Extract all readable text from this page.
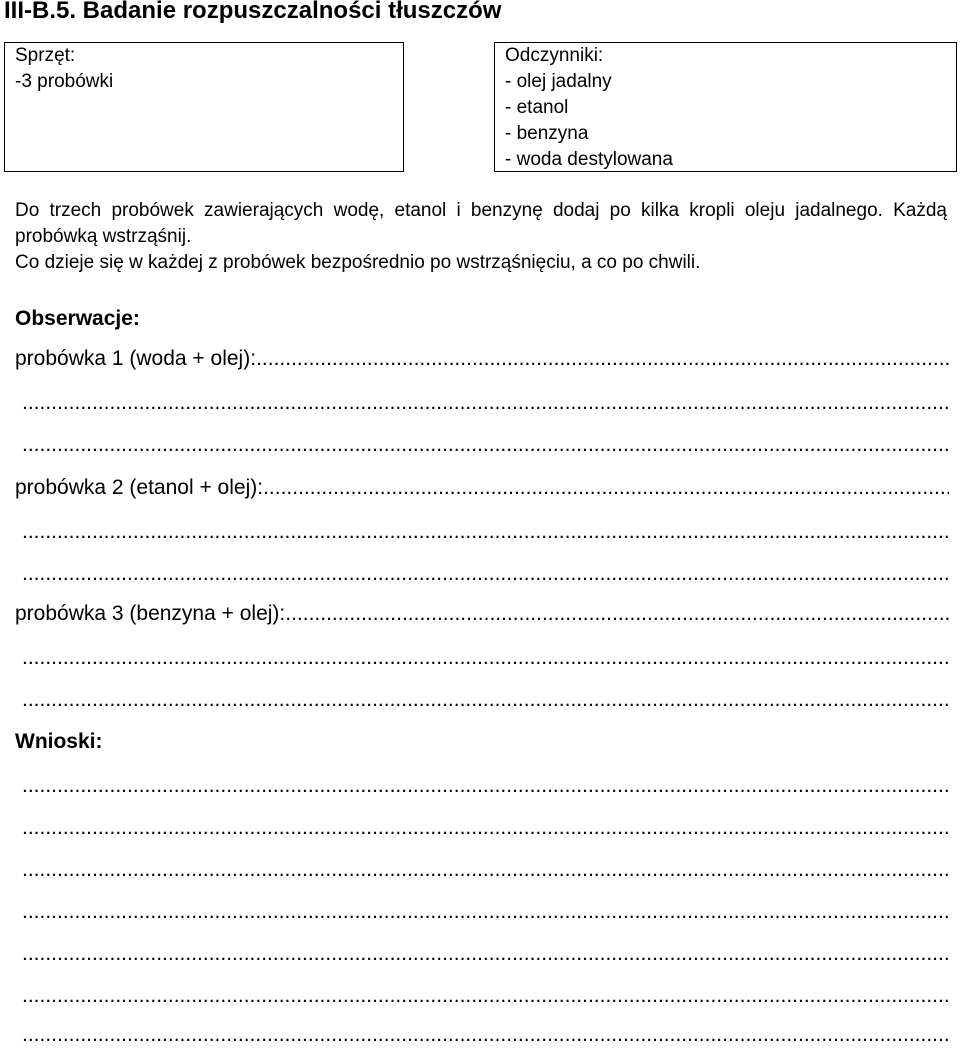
III-B.5. Badanie rozpuszczalności tłuszczów
Sprzęt:
-3 probówki
Odczynniki:
- olej jadalny
- etanol
- benzyna
- woda destylowana
Do trzech probówek zawierających wodę, etanol i benzynę dodaj po kilka kropli oleju jadalnego. Każdą probówką wstrząśnij.
Co dzieje się w każdej z probówek bezpośrednio po wstrząśnięciu, a co po chwili.
Obserwacje:
probówka 1 (woda + olej):
.....
.....
.....
probówka 2 (etanol + olej):
.....
.....
.....
probówka 3 (benzyna + olej):
.....
.....
.....
Wnioski:
.....
.....
.....
.....
.....
.....
.....
